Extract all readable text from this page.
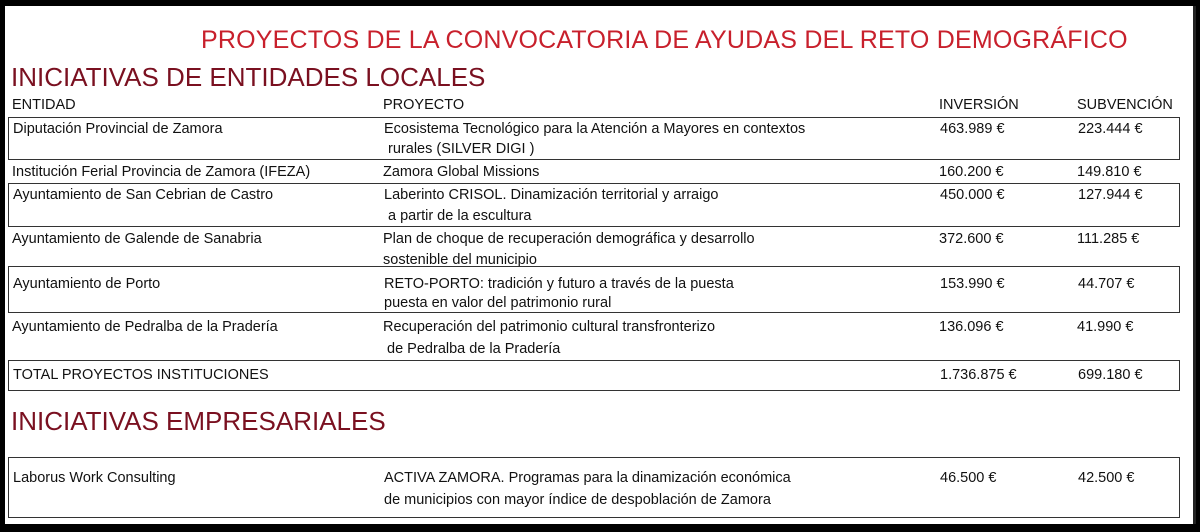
PROYECTOS DE LA CONVOCATORIA DE AYUDAS DEL RETO DEMOGRÁFICO
INICIATIVAS DE ENTIDADES LOCALES
ENTIDAD	PROYECTO	INVERSIÓN	SUBVENCIÓN
Diputación Provincial de Zamora	Ecosistema Tecnológico para la Atención a Mayores en contextos
rurales (SILVER DIGI )
463.989 €	223.444 €
Institución Ferial Provincia de Zamora (IFEZA)	Zamora Global Missions	160.200 €	149.810 €
Ayuntamiento de San Cebrian de Castro	Laberinto CRISOL. Dinamización territorial y arraigo
a partir de la escultura
450.000 €	127.944 €
Ayuntamiento de Galende de Sanabria	Plan de choque de recuperación demográfica y desarrollo
sostenible del municipio
372.600 €	111.285 €
Ayuntamiento de Porto	RETO-PORTO: tradición y futuro a través de la puesta
puesta en valor del patrimonio rural
153.990 €	44.707 €
Ayuntamiento de Pedralba de la Pradería	Recuperación del patrimonio cultural transfronterizo
de Pedralba de la Pradería
136.096 €	41.990 €
TOTAL PROYECTOS INSTITUCIONES	1.736.875 €	699.180 €
INICIATIVAS EMPRESARIALES
Laborus Work Consulting	ACTIVA ZAMORA. Programas para la dinamización económica
de municipios con mayor índice de despoblación de Zamora
46.500 €	42.500 €
